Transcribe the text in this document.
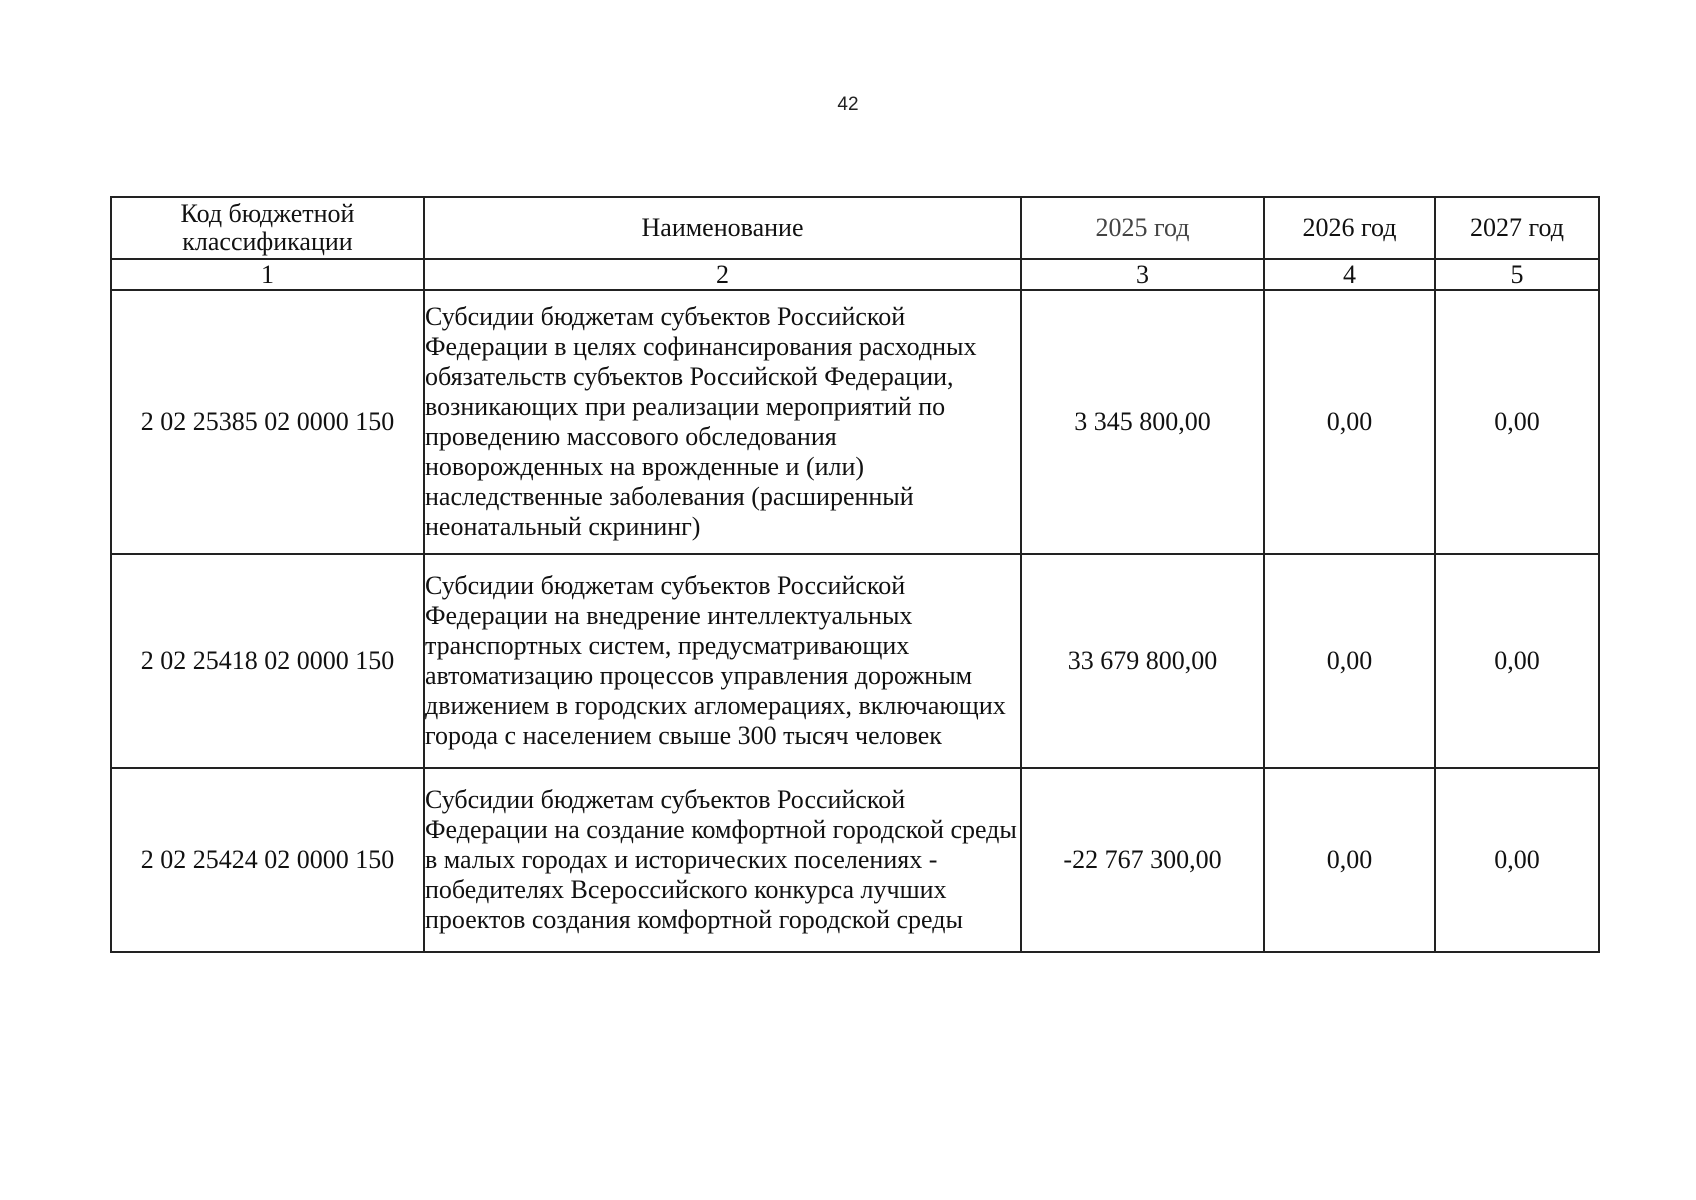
42
Код бюджетной классификации	Наименование	2025 год	2026 год	2027 год
1	2	3	4	5
2 02 25385 02 0000 150	Субсидии бюджетам субъектов Российской Федерации в целях софинансирования расходных обязательств субъектов Российской Федерации, возникающих при реализации мероприятий по проведению массового обследования новорожденных на врожденные и (или) наследственные заболевания (расширенный неонатальный скрининг)	3 345 800,00	0,00	0,00
2 02 25418 02 0000 150	Субсидии бюджетам субъектов Российской Федерации на внедрение интеллектуальных транспортных систем, предусматривающих автоматизацию процессов управления дорожным движением в городских агломерациях, включающих города с населением свыше 300 тысяч человек	33 679 800,00	0,00	0,00
2 02 25424 02 0000 150	Субсидии бюджетам субъектов Российской Федерации на создание комфортной городской среды в малых городах и исторических поселениях - победителях Всероссийского конкурса лучших проектов создания комфортной городской среды	-22 767 300,00	0,00	0,00
